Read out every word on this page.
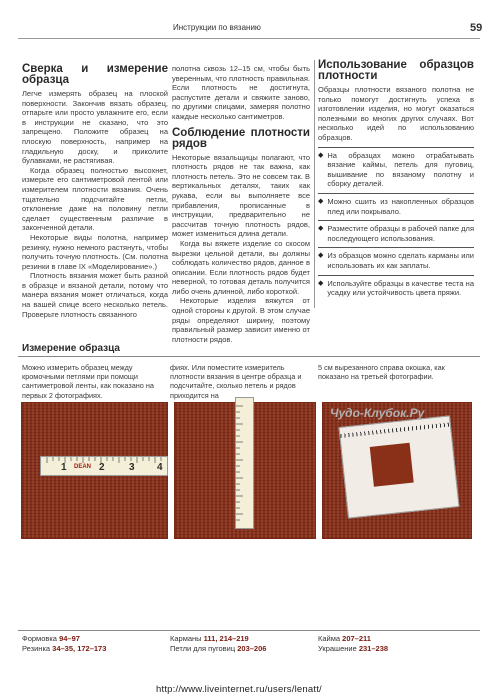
Инструкции по вязанию	59
Сверка и измерение образца

Легче измерять образец на плоской поверхности. Закончив вязать образец, отпарьте или просто увлажните его, если в инструкции не сказано, что это запрещено. Положите образец на плоскую поверхность, например на гладильную доску, и приколите булавками, не растягивая.

Когда образец полностью высохнет, измерьте его сантиметровой лентой или измерителем плотности вязания. Очень тщательно подсчитайте петли, отклонение даже на половину петли сделает существенным различие в законченной детали.

Некоторые виды полотна, например резинку, нужно немного растянуть, чтобы получить точную плотность. (См. полотна резинки в главе IX «Моделирование».)

Плотность вязания может быть разной в образце и вязаной детали, потому что манера вязания может отличаться, когда на вашей спице всего несколько петель. Проверьте плотность связанного

полотна сквозь 12–15 см, чтобы быть уверенным, что плотность правильная. Если плотность не достигнута, распустите детали и свяжите заново, по другими спицами, замеряя полотно каждые несколько сантиметров.

Соблюдение плотности рядов

Некоторые вязальщицы полагают, что плотность рядов не так важна, как плотность петель. Это не совсем так. В вертикальных деталях, таких как рукава, если вы выполняете все прибавления, прописанные в инструкции, предварительно не рассчитав точную плотность рядов, может измениться длина детали.

Когда вы вяжете изделие со скосом вырезки цельной детали, вы должны соблюдать количество рядов, данное в описании. Если плотность рядов будет неверной, то готовая деталь получится либо очень длинной, либо короткой.

Некоторые изделия вяжутся от одной стороны к другой. В этом случае ряды определяют ширину, поэтому правильный размер зависит именно от плотности рядов.

Использование образцов плотности

Образцы плотности вязаного полотна не только помогут достигнуть успеха в изготовлении изделия, но могут оказаться полезными во многих других случаях. Вот несколько идей по использованию образцов.

◆ На образцах можно отрабатывать вязание каймы, петель для пуговиц, вышивание по вязаному полотну и сборку деталей.
◆ Можно сшить из накопленных образцов плед или покрывало.
◆ Разместите образцы в рабочей папке для последующего использования.
◆ Из образцов можно сделать карманы или использовать их как заплаты.
◆ Используйте образцы в качестве теста на усадку или устойчивость цвета пряжи.
Измерение образца
Можно измерить образец между кромочными петлями при помощи сантиметровой ленты, как показано на первых 2 фотографиях.
фиях. Или поместите измеритель плотности вязания в центре образца и подсчитайте, сколько петель и рядов приходится на
5 см вырезанного справа окошка, как показано на третьей фотографии.
1 DEAN 2 3 4
Чудо-Клубок.Ру
Формовка 94–97
Резинка 34–35, 172–173
Карманы 111, 214–219
Петли для пуговиц 203–206
Кайма 207–211
Украшение 231–238
http://www.liveinternet.ru/users/lenatt/
